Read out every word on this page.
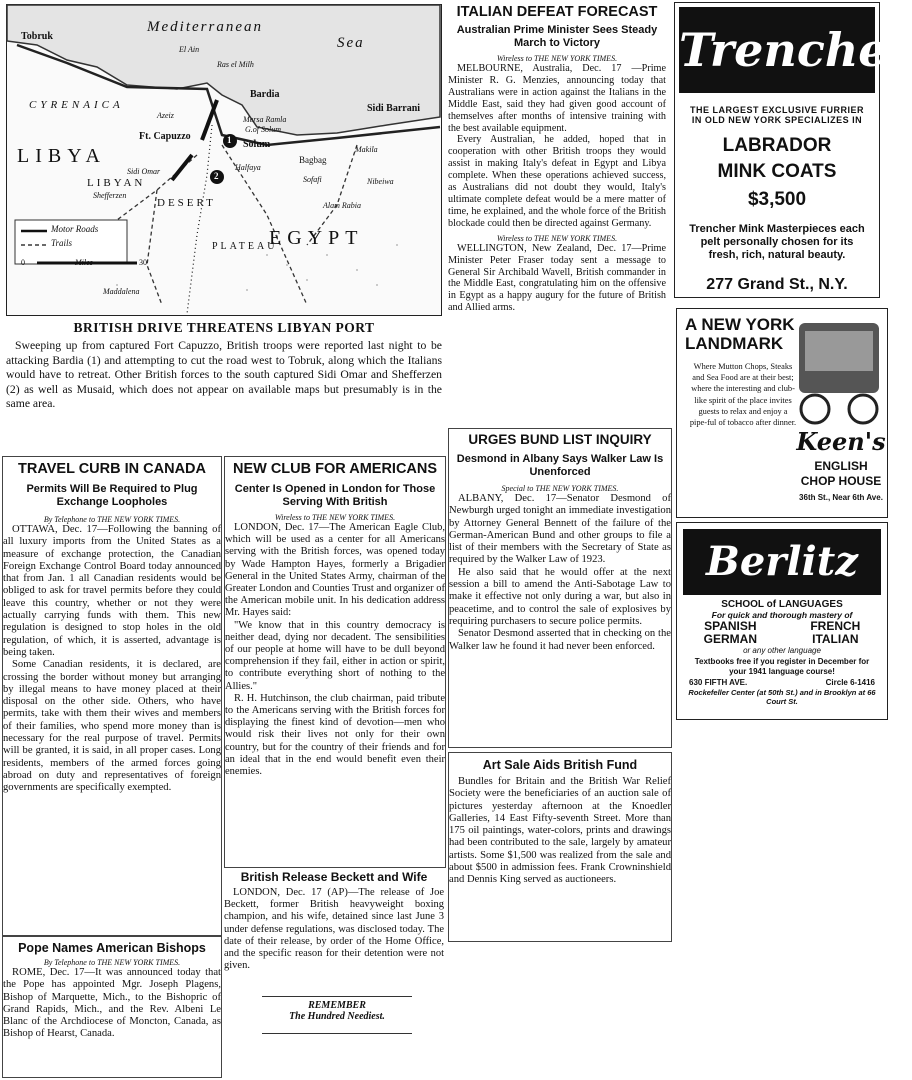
Mediterranean
Sea
Tobruk
El Ain
Ras el Milh
CYRENAICA
Azeiz
Bardia
Mersa Ramla
G.of Solum
Sidi Barrani
Ft. Capuzzo
Solum
LIBYA
Sidi Omar	Halfaya
Bagbag
Makila
Sofafi	Nibeiwa
LIBYAN
Shefferzen
DESERT	Alam Rabia
EGYPT
PLATEAU
Maddalena
Motor Roads
Trails
0	Miles	30
1
2
BRITISH DRIVE THREATENS LIBYAN PORT

Sweeping up from captured Fort Capuzzo, British troops were reported last night to be attacking Bardia (1) and attempting to cut the road west to Tobruk, along which the Italians would have to retreat. Other British forces to the south captured Sidi Omar and Shefferzen (2) as well as Musaid, which does not appear on available maps but presumably is in the same area.

ITALIAN DEFEAT FORECAST
Australian Prime Minister Sees Steady March to Victory
Wireless to THE NEW YORK TIMES.

MELBOURNE, Australia, Dec. 17 —Prime Minister R. G. Menzies, announcing today that Australians were in action against the Italians in the Middle East, said they had given good account of themselves after months of intensive training with the best available equipment.

Every Australian, he added, hoped that in cooperation with other British troops they would assist in making Italy's defeat in Egypt and Libya complete. When these operations achieved success, as Australians did not doubt they would, Italy's ultimate complete defeat would be a mere matter of time, he explained, and the whole force of the British blockade could then be directed against Germany.

Wireless to THE NEW YORK TIMES.

WELLINGTON, New Zealand, Dec. 17—Prime Minister Peter Fraser today sent a message to General Sir Archibald Wavell, British commander in the Middle East, congratulating him on the offensive in Egypt as a happy augury for the future of British and Allied arms.

Trencher
THE LARGEST EXCLUSIVE FURRIER
IN OLD NEW YORK SPECIALIZES IN
LABRADOR
MINK COATS
$3,500
Trencher Mink Masterpieces each pelt personally chosen for its fresh, rich, natural beauty.
277 Grand St., N.Y.
A NEW YORK
LANDMARK
Where Mutton Chops, Steaks and Sea Food are at their best; where the interesting and club-like spirit of the place invites guests to relax and enjoy a pipe-ful of tobacco after dinner.
Keen's
ENGLISH
CHOP HOUSE
36th St., Near 6th Ave.
Berlitz
SCHOOL of LANGUAGES
For quick and thorough mastery of
SPANISH
GERMAN
FRENCH
ITALIAN
or any other language
Textbooks free if you register in December for your 1941 language course!
630 FIFTH AVE.	Circle 6-1416
Rockefeller Center (at 50th St.) and in Brooklyn at 66 Court St.
TRAVEL CURB IN CANADA
Permits Will Be Required to Plug Exchange Loopholes
By Telephone to THE NEW YORK TIMES.

OTTAWA, Dec. 17—Following the banning of all luxury imports from the United States as a measure of exchange protection, the Canadian Foreign Exchange Control Board today announced that from Jan. 1 all Canadian residents would be obliged to ask for travel permits before they could leave this country, whether or not they were actually carrying funds with them. This new regulation is designed to stop holes in the old regulation, of which, it is asserted, advantage is being taken.

Some Canadian residents, it is declared, are crossing the border without money but arranging by illegal means to have money placed at their disposal on the other side. Others, who have permits, take with them their wives and members of their families, who spend more money than is necessary for the real purpose of travel. Permits will be granted, it is said, in all proper cases. Long residents, members of the armed forces going abroad on duty and representatives of foreign governments are specifically exempted.

Pope Names American Bishops
By Telephone to THE NEW YORK TIMES.

ROME, Dec. 17—It was announced today that the Pope has appointed Mgr. Joseph Plagens, Bishop of Marquette, Mich., to the Bishopric of Grand Rapids, Mich., and the Rev. Albeni Le Blanc of the Archdiocese of Moncton, Canada, as Bishop of Hearst, Canada.

NEW CLUB FOR AMERICANS
Center Is Opened in London for Those Serving With British
Wireless to THE NEW YORK TIMES.

LONDON, Dec. 17—The American Eagle Club, which will be used as a center for all Americans serving with the British forces, was opened today by Wade Hampton Hayes, formerly a Brigadier General in the United States Army, chairman of the Greater London and Counties Trust and organizer of the American mobile unit. In his dedication address Mr. Hayes said:

"We know that in this country democracy is neither dead, dying nor decadent. The sensibilities of our people at home will have to be dull beyond comprehension if they fail, either in action or spirit, to contribute everything short of nothing to the Allies."

R. H. Hutchinson, the club chairman, paid tribute to the Americans serving with the British forces for displaying the finest kind of devotion—men who would risk their lives not only for their own country, but for the country of their friends and for an ideal that in the end would benefit even their enemies.

British Release Beckett and Wife

LONDON, Dec. 17 (AP)—The release of Joe Beckett, former British heavyweight boxing champion, and his wife, detained since last June 3 under defense regulations, was disclosed today. The date of their release, by order of the Home Office, and the specific reason for their detention were not given.

REMEMBER
The Hundred Neediest.
URGES BUND LIST INQUIRY
Desmond in Albany Says Walker Law Is Unenforced
Special to THE NEW YORK TIMES.

ALBANY, Dec. 17—Senator Desmond of Newburgh urged tonight an immediate investigation by Attorney General Bennett of the failure of the German-American Bund and other groups to file a list of their members with the Secretary of State as required by the Walker Law of 1923.

He also said that he would offer at the next session a bill to amend the Anti-Sabotage Law to make it effective not only during a war, but also in peacetime, and to control the sale of explosives by requiring purchasers to secure police permits.

Senator Desmond asserted that in checking on the Walker law he found it had never been enforced.

Art Sale Aids British Fund

Bundles for Britain and the British War Relief Society were the beneficiaries of an auction sale of pictures yesterday afternoon at the Knoedler Galleries, 14 East Fifty-seventh Street. More than 175 oil paintings, water-colors, prints and drawings had been contributed to the sale, largely by amateur artists. Some $1,500 was realized from the sale and about $500 in admission fees. Frank Crowninshield and Dennis King served as auctioneers.
